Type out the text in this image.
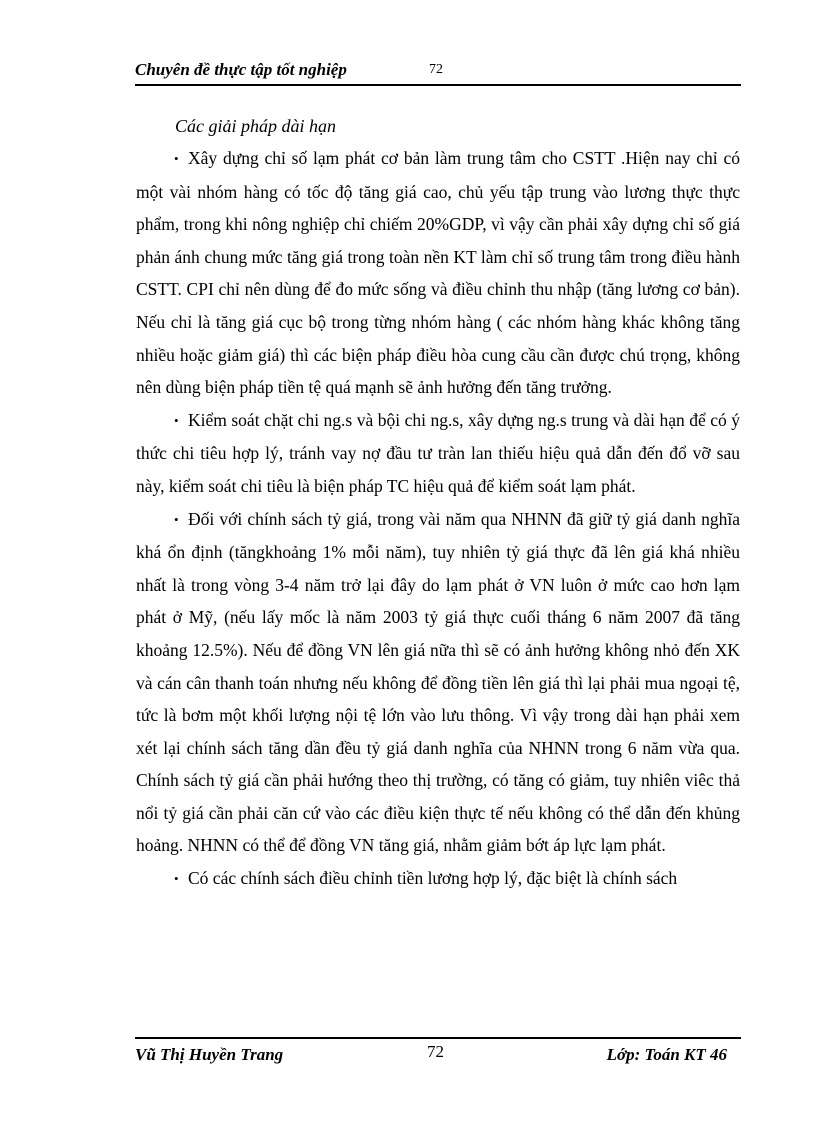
Chuyên đề thực tập tốt nghiệp	72

Các giải pháp dài hạn

• Xây dựng chỉ số lạm phát cơ bản làm trung tâm cho CSTT .Hiện nay chỉ có một vài nhóm hàng có tốc độ tăng giá cao, chủ yếu tập trung vào lương thực thực phẩm, trong khi nông nghiệp chỉ chiếm 20%GDP, vì vậy cần phải xây dựng chỉ số giá phản ánh chung mức tăng giá trong toàn nền KT làm chỉ số trung tâm trong điều hành CSTT. CPI chỉ nên dùng để đo mức sống và điều chỉnh thu nhập (tăng lương cơ bản). Nếu chỉ là tăng giá cục bộ trong từng nhóm hàng ( các nhóm hàng khác không tăng nhiều hoặc giảm giá) thì các biện pháp điều hòa cung cầu cần được chú trọng, không nên dùng biện pháp tiền tệ quá mạnh sẽ ảnh hưởng đến tăng trưởng.

• Kiểm soát chặt chi ng.s và bội chi ng.s, xây dựng ng.s trung và dài hạn để có ý thức chi tiêu hợp lý, tránh vay nợ đầu tư tràn lan thiếu hiệu quả dẫn đến đổ vỡ sau này, kiểm soát chi tiêu là biện pháp TC hiệu quả để kiểm soát lạm phát.

• Đối với chính sách tỷ giá, trong vài năm qua NHNN đã giữ tỷ giá danh nghĩa khá ổn định (tăngkhoảng 1% mỗi năm), tuy nhiên tỷ giá thực đã lên giá khá nhiều nhất là trong vòng 3-4 năm trở lại đây do lạm phát ở VN luôn ở mức cao hơn lạm phát ở Mỹ, (nếu lấy mốc là năm 2003 tỷ giá thực cuối tháng 6 năm 2007 đã tăng khoảng 12.5%). Nếu để đồng VN lên giá nữa thì sẽ có ảnh hưởng không nhỏ đến XK và cán cân thanh toán nhưng nếu không để đồng tiền lên giá thì lại phải mua ngoại tệ, tức là bơm một khối lượng nội tệ lớn vào lưu thông. Vì vậy trong dài hạn phải xem xét lại chính sách tăng dần đều tỷ giá danh nghĩa của NHNN trong 6 năm vừa qua. Chính sách tỷ giá cần phải hướng theo thị trường, có tăng có giảm, tuy nhiên viêc thả nổi tỷ giá cần phải căn cứ vào các điều kiện thực tế nếu không có thể dẫn đến khủng hoảng. NHNN có thể để đồng VN tăng giá, nhằm giảm bớt áp lực lạm phát.

• Có các chính sách điều chỉnh tiền lương hợp lý, đặc biệt là chính sách

Vũ Thị Huyền Trang	72	Lớp: Toán KT 46
